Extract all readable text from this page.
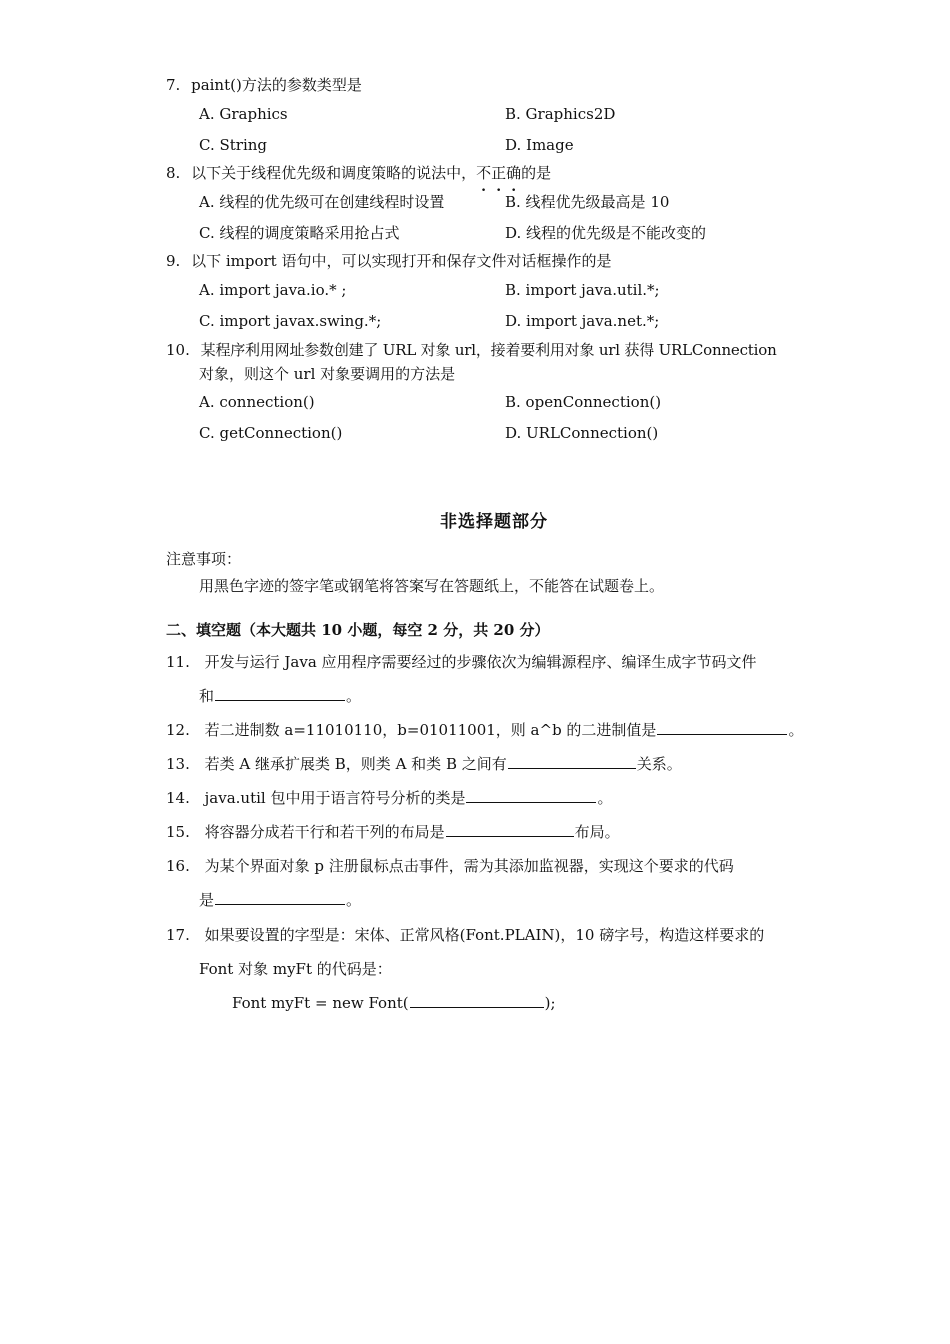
7. paint()方法的参数类型是
A. Graphics	B. Graphics2D
C. String	D. Image
8. 以下关于线程优先级和调度策略的说法中，不正确的是
A. 线程的优先级可在创建线程时设置	B. 线程优先级最高是 10
C. 线程的调度策略采用抢占式	D. 线程的优先级是不能改变的
9. 以下 import 语句中，可以实现打开和保存文件对话框操作的是
A. import java.io.* ;	B. import java.util.*;
C. import javax.swing.*;	D. import java.net.*;
10. 某程序利用网址参数创建了 URL 对象 url，接着要利用对象 url 获得 URLConnection
对象，则这个 url 对象要调用的方法是
A. connection()	B. openConnection()
C. getConnection()	D. URLConnection()
非选择题部分
注意事项：
用黑色字迹的签字笔或钢笔将答案写在答题纸上，不能答在试题卷上。
二、填空题（本大题共 10 小题，每空 2 分，共 20 分）
11. 开发与运行 Java 应用程序需要经过的步骤依次为编辑源程序、编译生成字节码文件
和	。
12. 若二进制数 a=11010110，b=01011001，则 a^b 的二进制值是	。
13. 若类 A 继承扩展类 B，则类 A 和类 B 之间有	关系。
14. java.util 包中用于语言符号分析的类是	。
15. 将容器分成若干行和若干列的布局是	布局。
16. 为某个界面对象 p 注册鼠标点击事件，需为其添加监视器，实现这个要求的代码
是	。
17. 如果要设置的字型是：宋体、正常风格(Font.PLAIN)，10 磅字号，构造这样要求的
Font 对象 myFt 的代码是：
Font myFt = new Font(	);
